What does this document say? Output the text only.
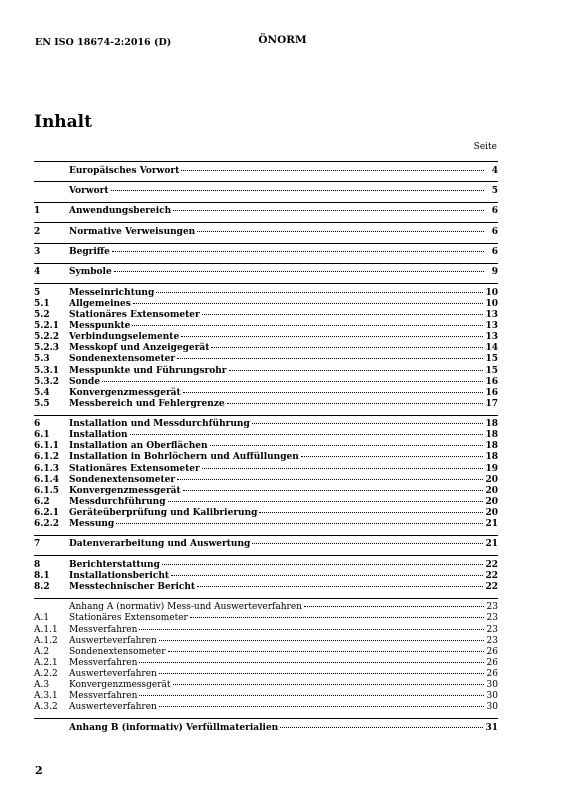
EN ISO 18674-2:2016 (D)	ÖNORM
Inhalt
Seite
Europäisches Vorwort	4
Vorwort	5
1	Anwendungsbereich	6
2	Normative Verweisungen	6
3	Begriffe	6
4	Symbole	9
5	Messeinrichtung	10
5.1	Allgemeines	10
5.2	Stationäres Extensometer	13
5.2.1	Messpunkte	13
5.2.2	Verbindungselemente	13
5.2.3	Messkopf und Anzeigegerät	14
5.3	Sondenextensometer	15
5.3.1	Messpunkte und Führungsrohr	15
5.3.2	Sonde	16
5.4	Konvergenzmessgerät	16
5.5	Messbereich und Fehlergrenze	17
6	Installation und Messdurchführung	18
6.1	Installation	18
6.1.1	Installation an Oberflächen	18
6.1.2	Installation in Bohrlöchern und Auffüllungen	18
6.1.3	Stationäres Extensometer	19
6.1.4	Sondenextensometer	20
6.1.5	Konvergenzmessgerät	20
6.2	Messdurchführung	20
6.2.1	Geräteüberprüfung und Kalibrierung	20
6.2.2	Messung	21
7	Datenverarbeitung und Auswertung	21
8	Berichterstattung	22
8.1	Installationsbericht	22
8.2	Messtechnischer Bericht	22
Anhang A (normativ) Mess-und Auswerteverfahren	23
A.1	Stationäres Extensometer	23
A.1.1	Messverfahren	23
A.1.2	Auswerteverfahren	23
A.2	Sondenextensometer	26
A.2.1	Messverfahren	26
A.2.2	Auswerteverfahren	26
A.3	Konvergenzmessgerät	30
A.3.1	Messverfahren	30
A.3.2	Auswerteverfahren	30
Anhang B (informativ) Verfüllmaterialien	31
2
